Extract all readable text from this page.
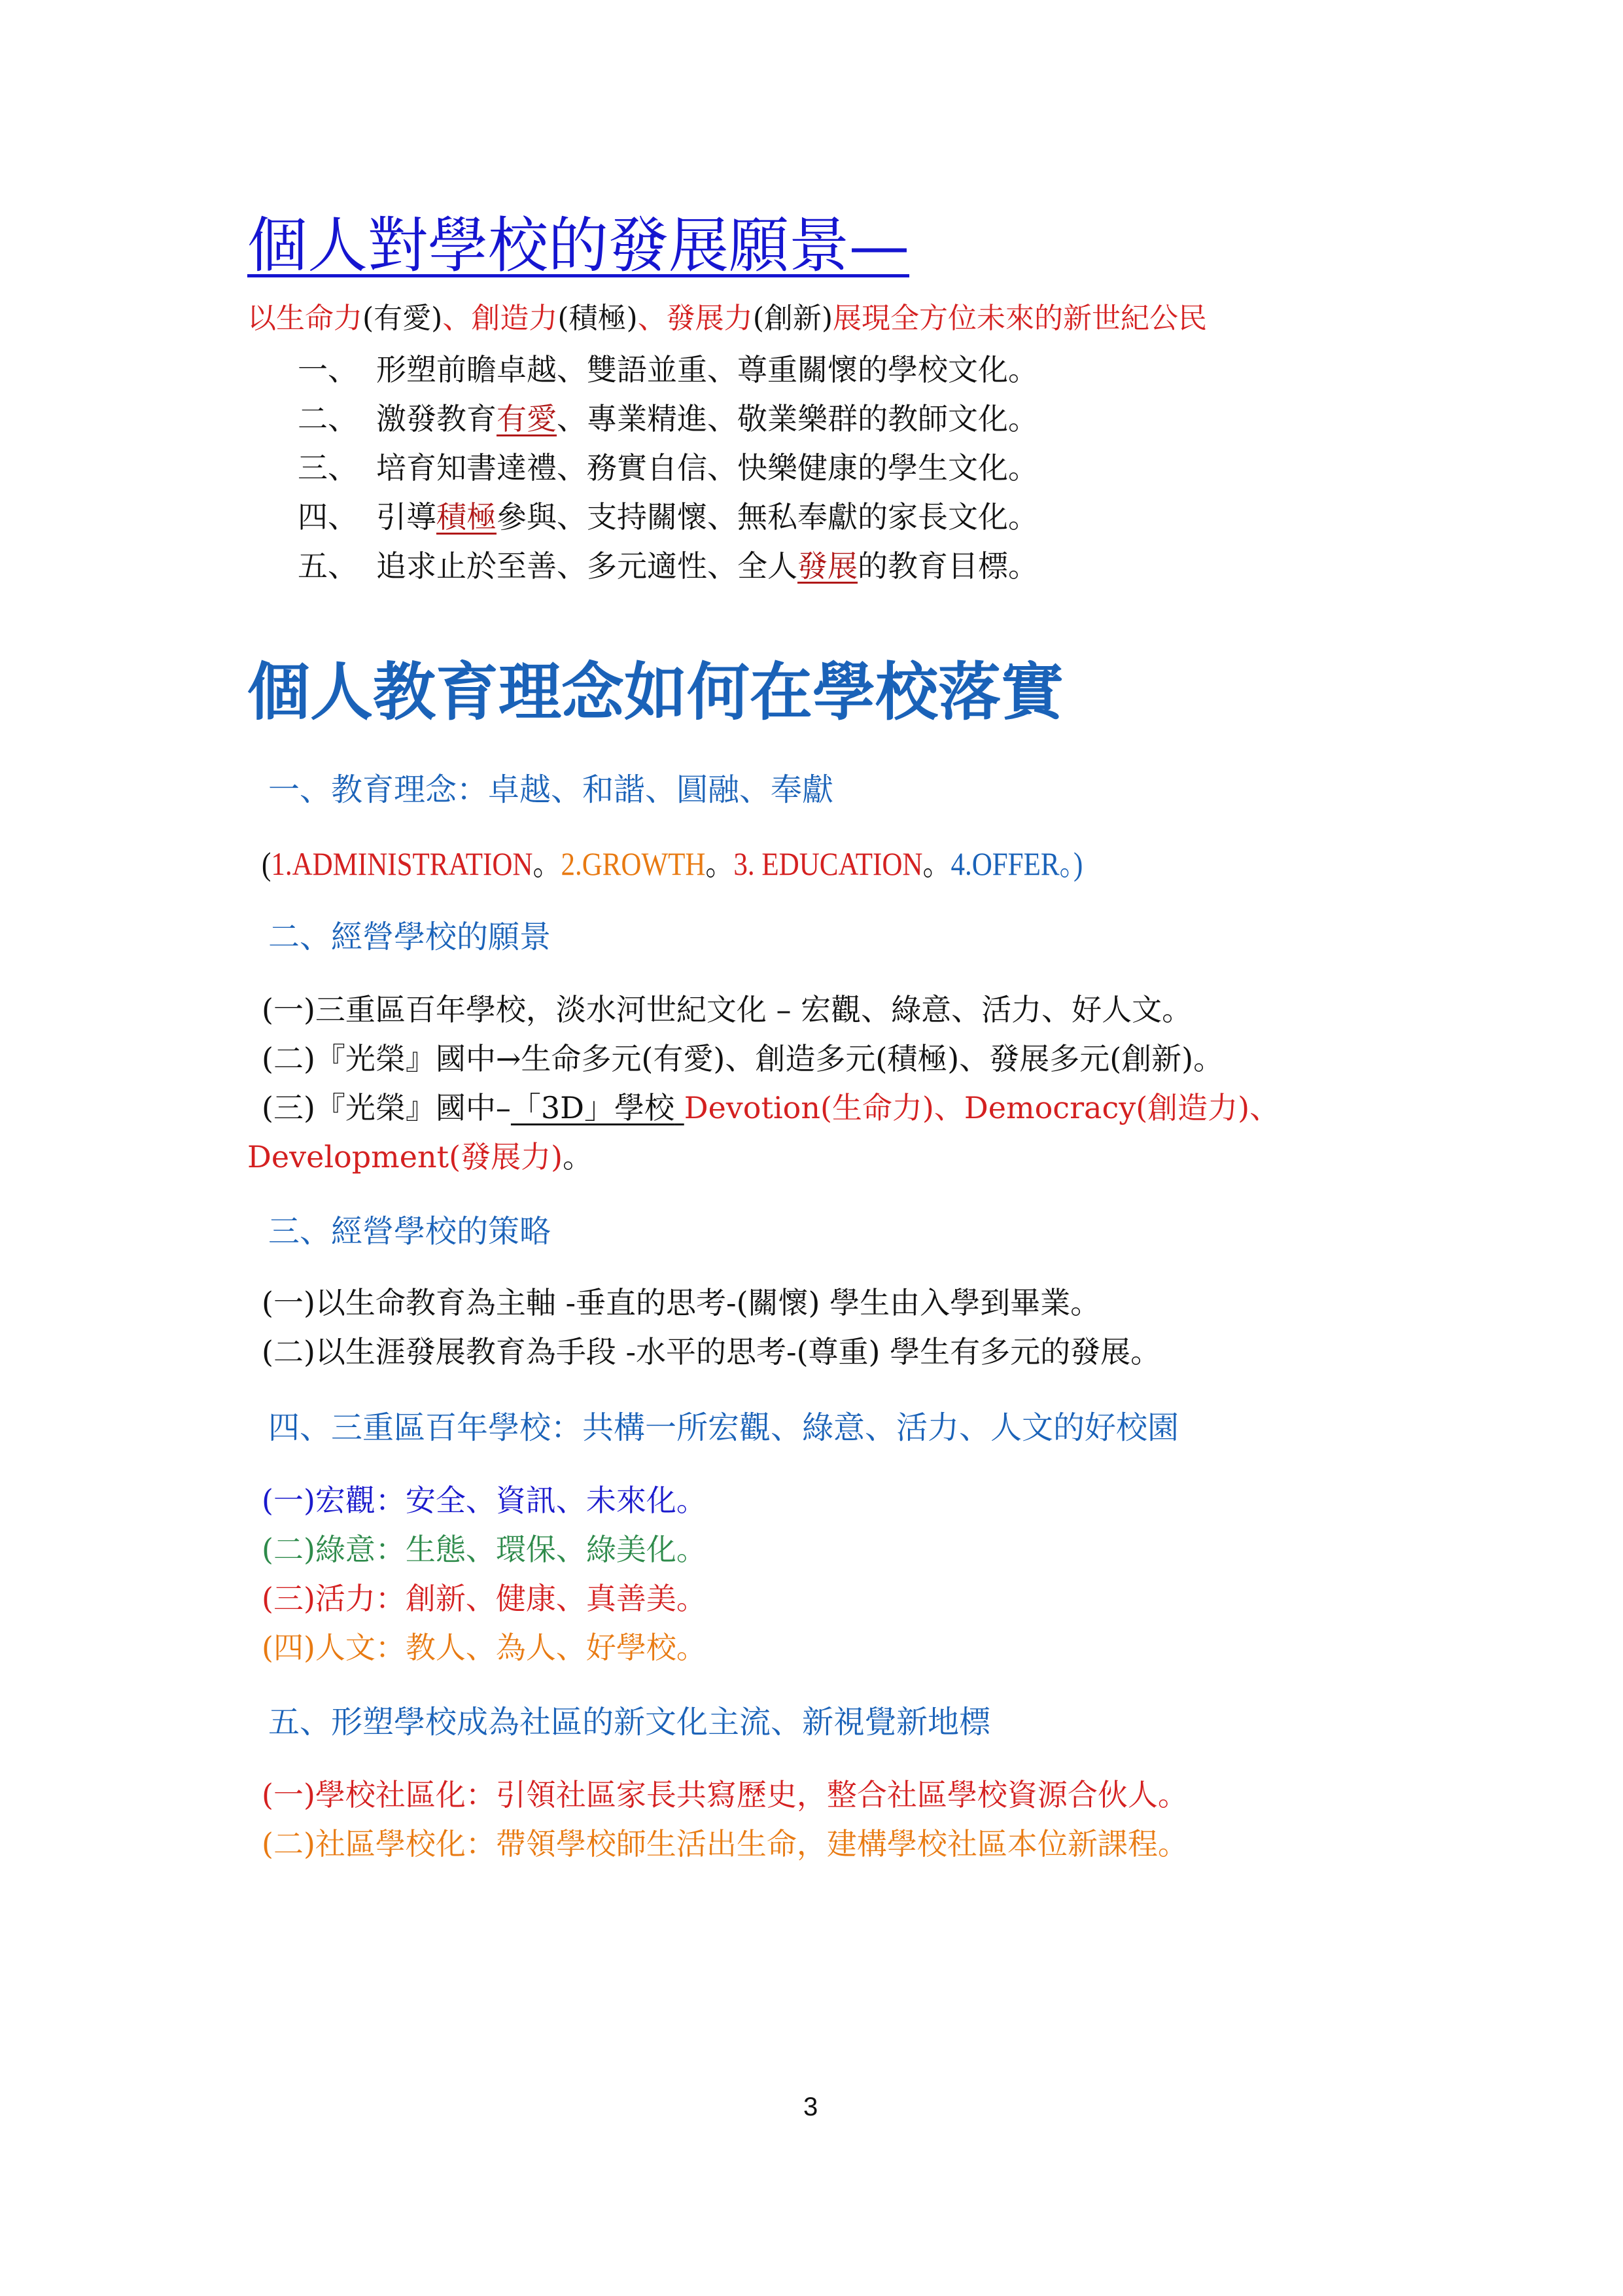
個人對學校的發展願景—
以生命力(有愛)、創造力(積極)、發展力(創新)展現全方位未來的新世紀公民
一、 形塑前瞻卓越、雙語並重、尊重關懷的學校文化。
二、 激發教育有愛、專業精進、敬業樂群的教師文化。
三、 培育知書達禮、務實自信、快樂健康的學生文化。
四、 引導積極參與、支持關懷、無私奉獻的家長文化。
五、 追求止於至善、多元適性、全人發展的教育目標。
個人教育理念如何在學校落實
一、教育理念：卓越、和諧、圓融、奉獻
(1.ADMINISTRATION。2.GROWTH。3. EDUCATION。4.OFFER。)
二、經營學校的願景
(一)三重區百年學校，淡水河世紀文化 – 宏觀、綠意、活力、好人文。
(二)『光榮』國中→生命多元(有愛)、創造多元(積極)、發展多元(創新)。
(三)『光榮』國中–「3D」學校 Devotion(生命力)、Democracy(創造力)、
Development(發展力)。
三、經營學校的策略
(一)以生命教育為主軸 -垂直的思考-(關懷) 學生由入學到畢業。
(二)以生涯發展教育為手段 -水平的思考-(尊重) 學生有多元的發展。
四、三重區百年學校：共構一所宏觀、綠意、活力、人文的好校園
(一)宏觀：安全、資訊、未來化。
(二)綠意：生態、環保、綠美化。
(三)活力：創新、健康、真善美。
(四)人文：教人、為人、好學校。
五、形塑學校成為社區的新文化主流、新視覺新地標
(一)學校社區化：引領社區家長共寫歷史，整合社區學校資源合伙人。
(二)社區學校化：帶領學校師生活出生命，建構學校社區本位新課程。
3
